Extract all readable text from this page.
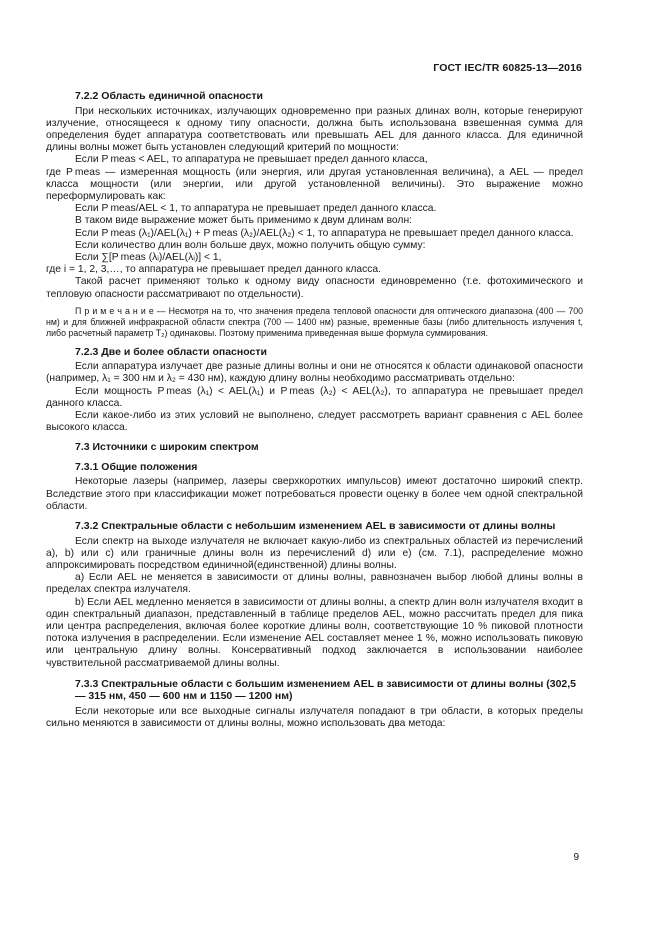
ГОСТ IEC/TR 60825-13—2016
7.2.2 Область единичной опасности

При нескольких источниках, излучающих одновременно при разных длинах волн, которые генерируют излучение, относящееся к одному типу опасности, должна быть использована взвешенная сумма для определения будет аппаратура соответствовать или превышать AEL для данного класса. Для единичной длины волны может быть установлен следующий критерий по мощности:

Если P meas < AEL, то аппаратура не превышает предел данного класса,

где P meas — измеренная мощность (или энергия, или другая установленная величина), а AEL — предел класса мощности (или энергии, или другой установленной величины). Это выражение можно переформулировать как:

Если P meas/AEL < 1, то аппаратура не превышает предел данного класса.

В таком виде выражение может быть применимо к двум длинам волн:

Если P meas (λ₁)/AEL(λ₁) + P meas (λ₂)/AEL(λ₂) < 1, то аппаратура не превышает предел данного класса.

Если количество длин волн больше двух, можно получить общую сумму:

Если ∑[P meas (λᵢ)/AEL(λᵢ)] < 1,

где i = 1, 2, 3,…, то аппаратура не превышает предел данного класса.

Такой расчет применяют только к одному виду опасности единовременно (т.е. фотохимического и тепловую опасности рассматривают по отдельности).

П р и м е ч а н и е — Несмотря на то, что значения предела тепловой опасности для оптического диапазона (400 — 700 нм) и для ближней инфракрасной области спектра (700 — 1400 нм) разные, временные базы (либо длительность излучения t, либо расчетный параметр T₂) одинаковы. Поэтому применима приведенная выше формула суммирования.

7.2.3 Две и более области опасности

Если аппаратура излучает две разные длины волны и они не относятся к области одинаковой опасности (например, λ₁ = 300 нм и λ₂ = 430 нм), каждую длину волны необходимо рассматривать отдельно:

Если мощность P meas (λ₁) < AEL(λ₁) и P meas (λ₂) < AEL(λ₂), то аппаратура не превышает предел данного класса.

Если какое-либо из этих условий не выполнено, следует рассмотреть вариант сравнения с AEL более высокого класса.

7.3 Источники с широким спектром
7.3.1 Общие положения

Некоторые лазеры (например, лазеры сверхкоротких импульсов) имеют достаточно широкий спектр. Вследствие этого при классификации может потребоваться провести оценку в более чем одной спектральной области.

7.3.2 Спектральные области с небольшим изменением AEL в зависимости от длины волны

Если спектр на выходе излучателя не включает какую-либо из спектральных областей из перечислений a), b) или c) или граничные длины волн из перечислений d) или e) (см. 7.1), распределение можно аппроксимировать посредством единичной(единственной) длины волны.

a) Если AEL не меняется в зависимости от длины волны, равнозначен выбор любой длины волны в пределах спектра излучателя.

b) Если AEL медленно меняется в зависимости от длины волны, а спектр длин волн излучателя входит в один спектральный диапазон, представленный в таблице пределов AEL, можно рассчитать предел для пика или центра распределения, включая более короткие длины волн, соответствующие 10 % пиковой плотности потока излучения в распределении. Если изменение AEL составляет менее 1 %, можно использовать пиковую или центральную длину волны. Консервативный подход заключается в использовании наиболее чувствительной рассматриваемой длины волны.

7.3.3 Спектральные области с большим изменением AEL в зависимости от длины волны (302,5 — 315 нм, 450 — 600 нм и 1150 — 1200 нм)

Если некоторые или все выходные сигналы излучателя попадают в три области, в которых пределы сильно меняются в зависимости от длины волны, можно использовать два метода:

9
